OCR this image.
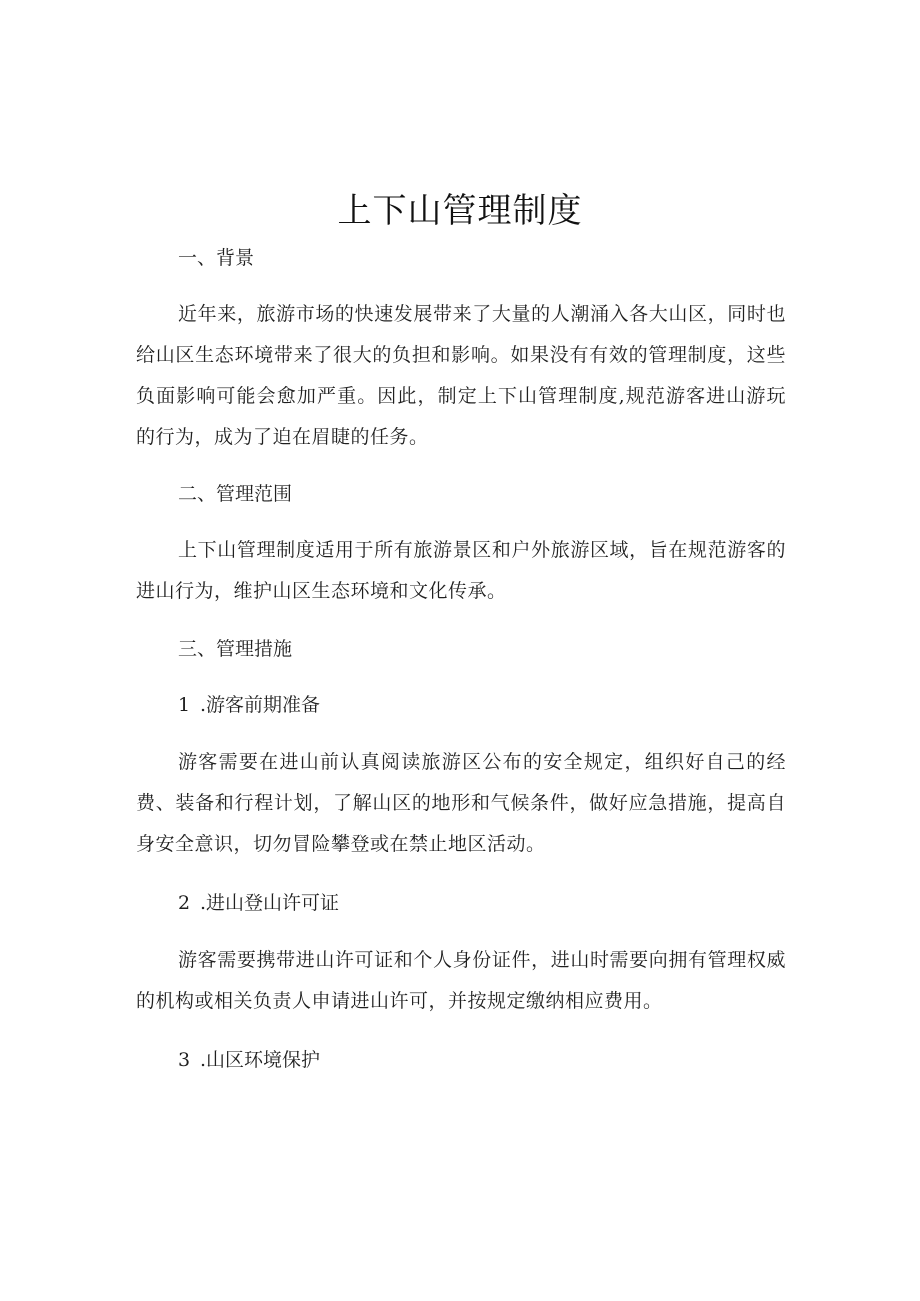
上下山管理制度

一、背景

近年来，旅游市场的快速发展带来了大量的人潮涌入各大山区，同时也给山区生态环境带来了很大的负担和影响。如果没有有效的管理制度，这些负面影响可能会愈加严重。因此，制定上下山管理制度,规范游客进山游玩的行为，成为了迫在眉睫的任务。

二、管理范围

上下山管理制度适用于所有旅游景区和户外旅游区域，旨在规范游客的进山行为，维护山区生态环境和文化传承。

三、管理措施

1 .游客前期准备

游客需要在进山前认真阅读旅游区公布的安全规定，组织好自己的经费、装备和行程计划，了解山区的地形和气候条件，做好应急措施，提高自身安全意识，切勿冒险攀登或在禁止地区活动。

2 .进山登山许可证

游客需要携带进山许可证和个人身份证件，进山时需要向拥有管理权威的机构或相关负责人申请进山许可，并按规定缴纳相应费用。

3 .山区环境保护
